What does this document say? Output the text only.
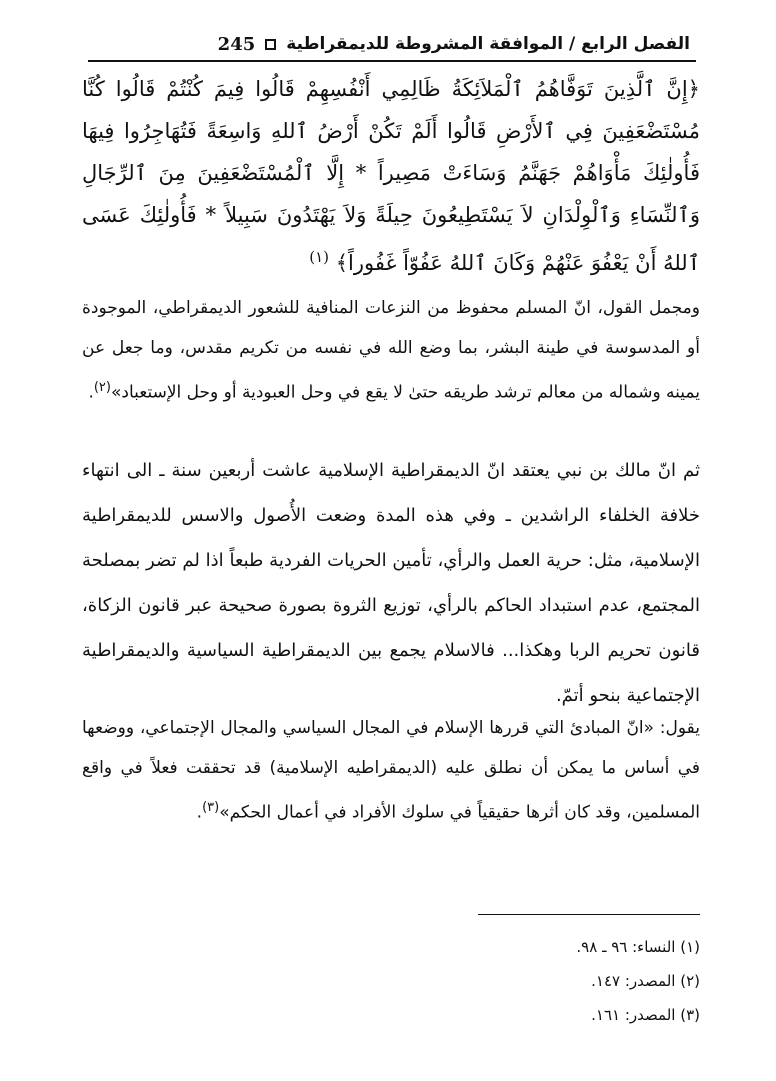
الفصل الرابع / الموافقة المشروطة للديمقراطية
245
﴿إِنَّ ٱلَّذِينَ تَوَفَّاهُمُ ٱلْمَلاَئِكَةُ ظَالِمِي أَنْفُسِهِمْ قَالُوا فِيمَ كُنْتُمْ قَالُوا كُنَّا مُسْتَضْعَفِينَ فِي ٱلأَرْضِ قَالُوا أَلَمْ تَكُنْ أَرْضُ ٱللهِ وَاسِعَةً فَتُهَاجِرُوا فِيهَا فَأُولٰئِكَ مَأْوَاهُمْ جَهَنَّمُ وَسَاءَتْ مَصِيراً * إِلَّا ٱلْمُسْتَضْعَفِينَ مِنَ ٱلرِّجَالِ وَٱلنِّسَاءِ وَٱلْوِلْدَانِ لاَ يَسْتَطِيعُونَ حِيلَةً وَلاَ يَهْتَدُونَ سَبِيلاً * فَأُولٰئِكَ عَسَى ٱللهُ أَنْ يَعْفُوَ عَنْهُمْ وَكَانَ ٱللهُ عَفُوّاً غَفُوراً﴾ $^{(١)}$
ومجمل القول، انّ المسلم محفوظ من النزعات المنافية للشعور الديمقراطي، الموجودة أو المدسوسة في طينة البشر، بما وضع الله في نفسه من تكريم مقدس، وما جعل عن يمينه وشماله من معالم ترشد طريقه حتىٰ لا يقع في وحل العبودية أو وحل الإستعباد»$^{(٢)}$.
ثم انّ مالك بن نبي يعتقد انّ الديمقراطية الإسلامية عاشت أربعين سنة ـ الى انتهاء خلافة الخلفاء الراشدين ـ وفي هذه المدة وضعت الأُصول والاسس للديمقراطية الإسلامية، مثل: حرية العمل والرأي، تأمين الحريات الفردية طبعاً اذا لم تضر بمصلحة المجتمع، عدم استبداد الحاكم بالرأي، توزيع الثروة بصورة صحيحة عبر قانون الزكاة، قانون تحريم الربا وهكذا... فالاسلام يجمع بين الديمقراطية السياسية والديمقراطية الإجتماعية بنحو أتمّ.
يقول: «انّ المبادئ التي قررها الإسلام في المجال السياسي والمجال الإجتماعي، ووضعها في أساس ما يمكن أن نطلق عليه (الديمقراطيه الإسلامية) قد تحققت فعلاً في واقع المسلمين، وقد كان أثرها حقيقياً في سلوك الأفراد في أعمال الحكم»$^{(٣)}$.
(١) النساء: ٩٦ ـ ٩٨.
(٢) المصدر: ١٤٧.
(٣) المصدر: ١٦١.
